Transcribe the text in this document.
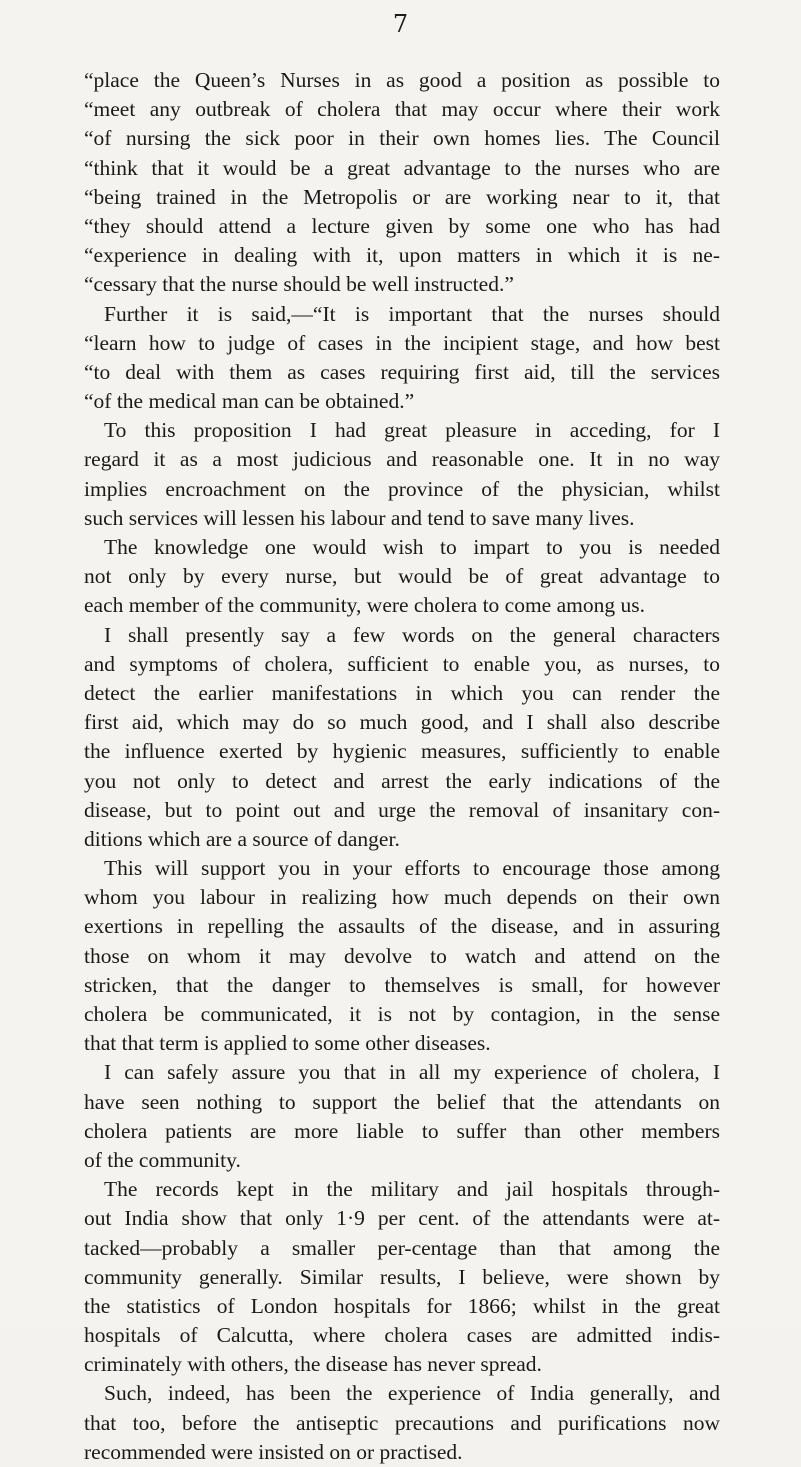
7
“place the Queen’s Nurses in as good a position as possible to
“meet any outbreak of cholera that may occur where their work
“of nursing the sick poor in their own homes lies. The Council
“think that it would be a great advantage to the nurses who are
“being trained in the Metropolis or are working near to it, that
“they should attend a lecture given by some one who has had
“experience in dealing with it, upon matters in which it is ne-
“cessary that the nurse should be well instructed.”
Further it is said,—“It is important that the nurses should
“learn how to judge of cases in the incipient stage, and how best
“to deal with them as cases requiring first aid, till the services
“of the medical man can be obtained.”
To this proposition I had great pleasure in acceding, for I
regard it as a most judicious and reasonable one. It in no way
implies encroachment on the province of the physician, whilst
such services will lessen his labour and tend to save many lives.
The knowledge one would wish to impart to you is needed
not only by every nurse, but would be of great advantage to
each member of the community, were cholera to come among us.
I shall presently say a few words on the general characters
and symptoms of cholera, sufficient to enable you, as nurses, to
detect the earlier manifestations in which you can render the
first aid, which may do so much good, and I shall also describe
the influence exerted by hygienic measures, sufficiently to enable
you not only to detect and arrest the early indications of the
disease, but to point out and urge the removal of insanitary con-
ditions which are a source of danger.
This will support you in your efforts to encourage those among
whom you labour in realizing how much depends on their own
exertions in repelling the assaults of the disease, and in assuring
those on whom it may devolve to watch and attend on the
stricken, that the danger to themselves is small, for however
cholera be communicated, it is not by contagion, in the sense
that that term is applied to some other diseases.
I can safely assure you that in all my experience of cholera, I
have seen nothing to support the belief that the attendants on
cholera patients are more liable to suffer than other members
of the community.
The records kept in the military and jail hospitals through-
out India show that only 1·9 per cent. of the attendants were at-
tacked—probably a smaller per-centage than that among the
community generally. Similar results, I believe, were shown by
the statistics of London hospitals for 1866; whilst in the great
hospitals of Calcutta, where cholera cases are admitted indis-
criminately with others, the disease has never spread.
Such, indeed, has been the experience of India generally, and
that too, before the antiseptic precautions and purifications now
recommended were insisted on or practised.
